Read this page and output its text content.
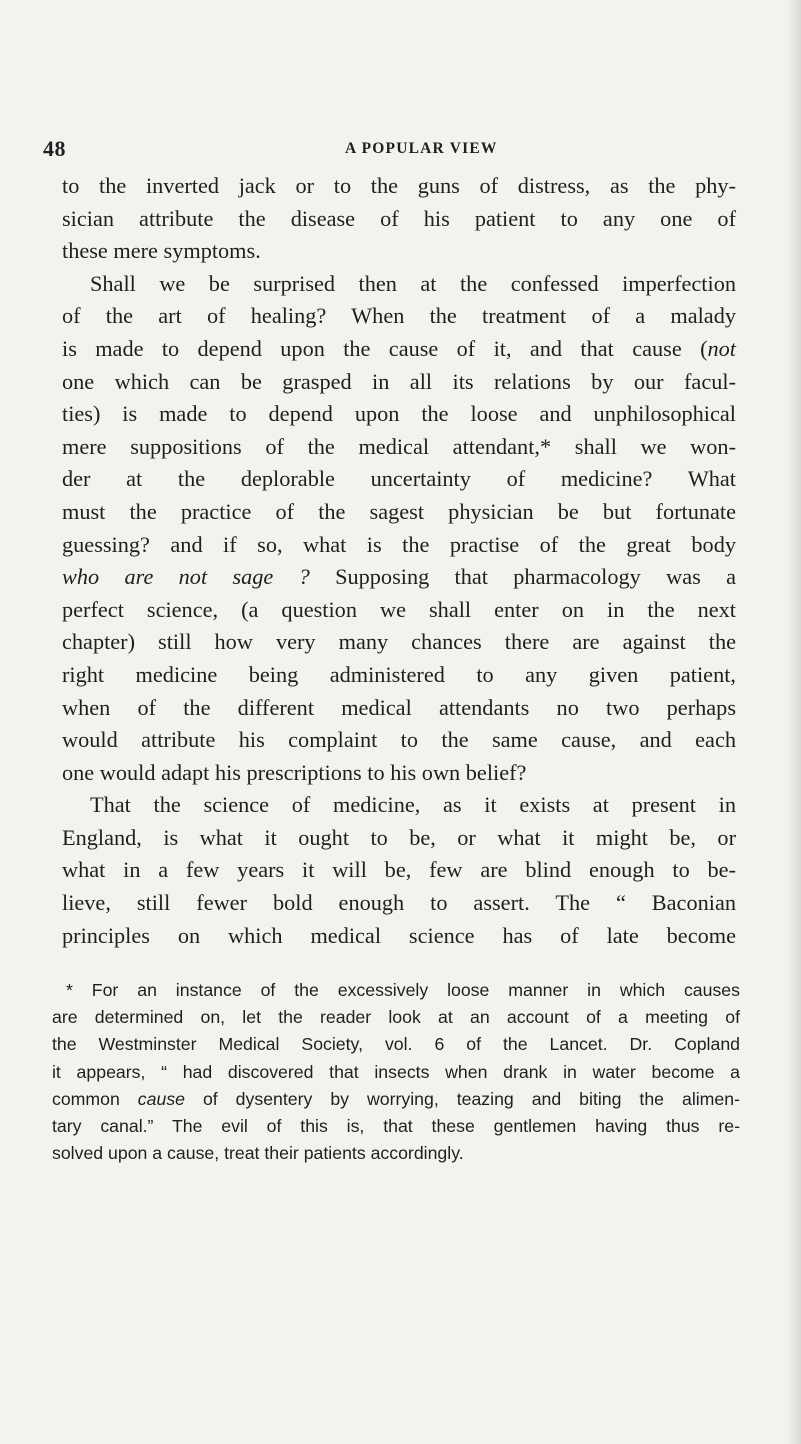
48	A POPULAR VIEW

to the inverted jack or to the guns of distress, as the phy-
sician attribute the disease of his patient to any one of
these mere symptoms.

Shall we be surprised then at the confessed imperfection
of the art of healing? When the treatment of a malady
is made to depend upon the cause of it, and that cause (not
one which can be grasped in all its relations by our facul-
ties) is made to depend upon the loose and unphilosophical
mere suppositions of the medical attendant,* shall we won-
der at the deplorable uncertainty of medicine? What
must the practice of the sagest physician be but fortunate
guessing? and if so, what is the practise of the great body
who are not sage ? Supposing that pharmacology was a
perfect science, (a question we shall enter on in the next
chapter) still how very many chances there are against the
right medicine being administered to any given patient,
when of the different medical attendants no two perhaps
would attribute his complaint to the same cause, and each
one would adapt his prescriptions to his own belief?

That the science of medicine, as it exists at present in
England, is what it ought to be, or what it might be, or
what in a few years it will be, few are blind enough to be-
lieve, still fewer bold enough to assert. The “ Baconian
principles on which medical science has of late become

* For an instance of the excessively loose manner in which causes
are determined on, let the reader look at an account of a meeting of
the Westminster Medical Society, vol. 6 of the Lancet. Dr. Copland
it appears, “ had discovered that insects when drank in water become a
common cause of dysentery by worrying, teazing and biting the alimen-
tary canal.” The evil of this is, that these gentlemen having thus re-
solved upon a cause, treat their patients accordingly.
